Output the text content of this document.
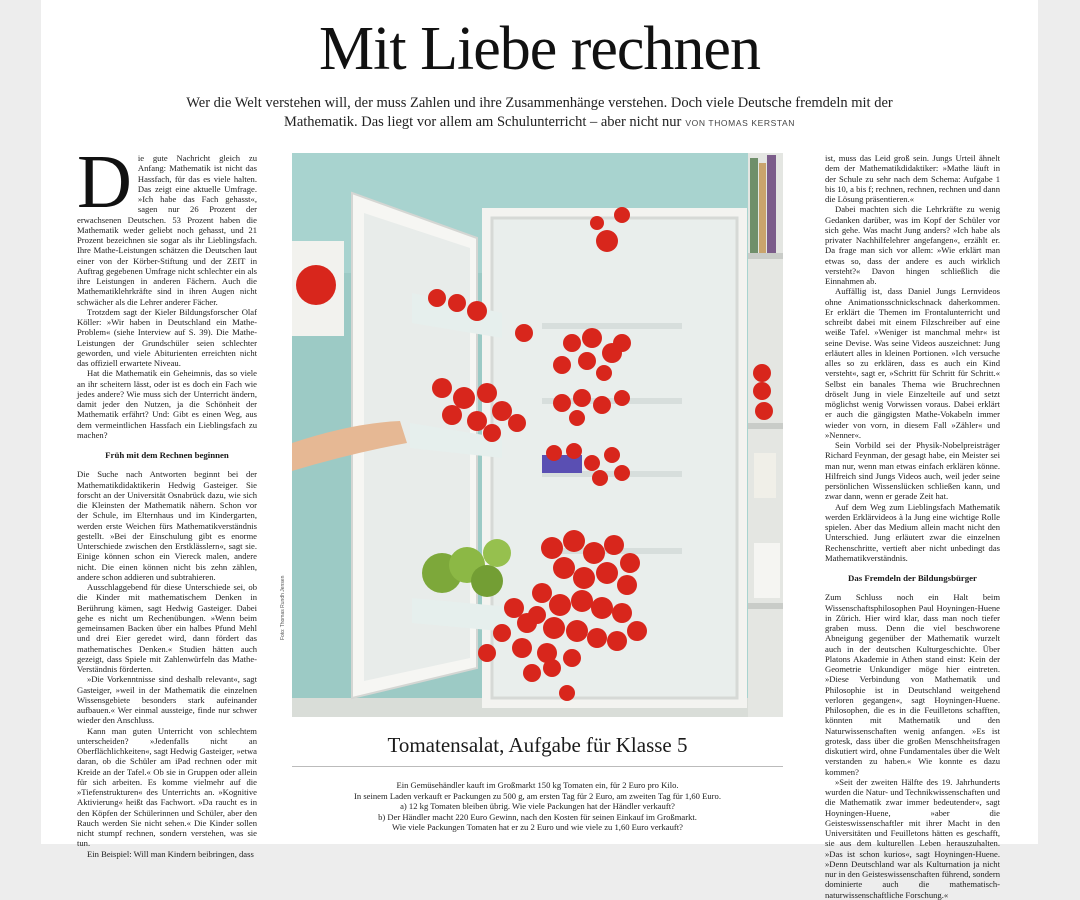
Mit Liebe rechnen
Wer die Welt verstehen will, der muss Zahlen und ihre Zusammenhänge verstehen. Doch viele Deutsche fremdeln mit der Mathematik. Das liegt vor allem am Schulunterricht – aber nicht nur VON THOMAS KERSTAN
D ie gute Nachricht gleich zu Anfang: Mathematik ist nicht das Hassfach, für das es viele halten. Das zeigt eine aktuelle Umfrage. »Ich habe das Fach gehasst«, sagen nur 26 Prozent der erwachsenen Deutschen. 53 Prozent haben die Mathematik weder geliebt noch gehasst, und 21 Prozent bezeichnen sie sogar als ihr Lieblingsfach. Ihre Mathe-Leistungen schätzen die Deutschen laut einer von der Körber-Stiftung und der ZEIT in Auftrag gegebenen Umfrage nicht schlechter ein als ihre Leistungen in anderen Fächern. Auch die Mathematiklehrkräfte sind in ihren Augen nicht schwächer als die Lehrer anderer Fächer.

Trotzdem sagt der Kieler Bildungsforscher Olaf Köller: »Wir haben in Deutschland ein Mathe-Problem« (siehe Interview auf S. 39). Die Mathe-Leistungen der Grundschüler seien schlechter geworden, und viele Abiturienten erreichten nicht das offiziell erwartete Niveau.

Hat die Mathematik ein Geheimnis, das so viele an ihr scheitern lässt, oder ist es doch ein Fach wie jedes andere? Wie muss sich der Unterricht ändern, damit jeder den Nutzen, ja die Schönheit der Mathematik erfährt? Und: Gibt es einen Weg, aus dem vermeintlichen Hassfach ein Lieblingsfach zu machen?

Früh mit dem Rechnen beginnen

Die Suche nach Antworten beginnt bei der Mathematikdidaktikerin Hedwig Gasteiger. Sie forscht an der Universität Osnabrück dazu, wie sich die Kleinsten der Mathematik nähern. Schon vor der Schule, im Elternhaus und im Kindergarten, werden erste Weichen fürs Mathematikverständnis gestellt. »Bei der Einschulung gibt es enorme Unterschiede zwischen den Erstklässlern«, sagt sie. Einige können schon ein Viereck malen, andere nicht. Die einen können nicht bis zehn zählen, andere schon addieren und subtrahieren.

Ausschlaggebend für diese Unterschiede sei, ob die Kinder mit mathematischem Denken in Berührung kämen, sagt Hedwig Gasteiger. Dabei gehe es nicht um Rechenübungen. »Wenn beim gemeinsamen Backen über ein halbes Pfund Mehl und drei Eier geredet wird, dann fördert das mathematisches Denken.« Studien hätten auch gezeigt, dass Spiele mit Zahlenwürfeln das Mathe-Verständnis förderten.

»Die Vorkenntnisse sind deshalb relevant«, sagt Gasteiger, »weil in der Mathematik die einzelnen Wissensgebiete besonders stark aufeinander aufbauen.« Wer einmal aussteige, finde nur schwer wieder den Anschluss.

Kann man guten Unterricht von schlechtem unterscheiden? »Jedenfalls nicht an Oberflächlichkeiten«, sagt Hedwig Gasteiger, »etwa daran, ob die Schüler am iPad rechnen oder mit Kreide an der Tafel.« Ob sie in Gruppen oder allein für sich arbeiten. Es komme vielmehr auf die »Tiefenstrukturen« des Unterrichts an. »Kognitive Aktivierung« heißt das Fachwort. »Da raucht es in den Köpfen der Schülerinnen und Schüler, aber den Rauch werden Sie nicht sehen.« Die Kinder sollen nicht stumpf rechnen, sondern verstehen, was sie tun.

Ein Beispiel: Will man Kindern beibringen, dass

Foto: Thomas Rundh Jensen

ist, muss das Leid groß sein. Jungs Urteil ähnelt dem der Mathematikdidaktiker: »Mathe läuft in der Schule zu sehr nach dem Schema: Aufgabe 1 bis 10, a bis f; rechnen, rechnen, rechnen und dann die Lösung präsentieren.«

Dabei machten sich die Lehrkräfte zu wenig Gedanken darüber, was im Kopf der Schüler vor sich gehe. Was macht Jung anders? »Ich habe als privater Nachhilfelehrer angefangen«, erzählt er. Da frage man sich vor allem: »Wie erklärt man etwas so, dass der andere es auch wirklich versteht?« Davon hingen schließlich die Einnahmen ab.

Auffällig ist, dass Daniel Jungs Lernvideos ohne Animationsschnickschnack daherkommen. Er erklärt die Themen im Frontalunterricht und schreibt dabei mit einem Filzschreiber auf eine weiße Tafel. »Weniger ist manchmal mehr« ist seine Devise. Was seine Videos auszeichnet: Jung erläutert alles in kleinen Portionen. »Ich versuche alles so zu erklären, dass es auch ein Kind versteht«, sagt er, »Schritt für Schritt für Schritt.« Selbst ein banales Thema wie Bruchrechnen dröselt Jung in viele Einzelteile auf und setzt möglichst wenig Vorwissen voraus. Dabei erklärt er auch die gängigsten Mathe-Vokabeln immer wieder von vorn, in diesem Fall »Zähler« und »Nenner«.

Sein Vorbild sei der Physik-Nobelpreisträger Richard Feynman, der gesagt habe, ein Meister sei man nur, wenn man etwas einfach erklären könne. Hilfreich sind Jungs Videos auch, weil jeder seine persönlichen Wissenslücken schließen kann, und zwar dann, wenn er gerade Zeit hat.

Auf dem Weg zum Lieblingsfach Mathematik werden Erklärvideos à la Jung eine wichtige Rolle spielen. Aber das Medium allein macht nicht den Unterschied. Jung erläutert zwar die einzelnen Rechenschritte, vertieft aber nicht unbedingt das Mathematikverständnis.

Das Fremdeln der Bildungsbürger

Zum Schluss noch ein Halt beim Wissenschaftsphilosophen Paul Hoyningen-Huene in Zürich. Hier wird klar, dass man noch tiefer graben muss. Denn die viel beschworene Abneigung gegenüber der Mathematik wurzelt auch in der deutschen Kulturgeschichte. Über Platons Akademie in Athen stand einst: Kein der Geometrie Unkundiger möge hier eintreten. »Diese Verbindung von Mathematik und Philosophie ist in Deutschland weitgehend verloren gegangen«, sagt Hoyningen-Huene. Philosophen, die es in die Feuilletons schafften, könnten mit Mathematik und den Naturwissenschaften wenig anfangen. »Es ist grotesk, dass über die großen Menschheitsfragen diskutiert wird, ohne Fundamentales über die Welt verstanden zu haben.« Wie konnte es dazu kommen?

»Seit der zweiten Hälfte des 19. Jahrhunderts wurden die Natur- und Technikwissenschaften und die Mathematik zwar immer bedeutender«, sagt Hoyningen-Huene, »aber die Geisteswissenschaftler mit ihrer Macht in den Universitäten und Feuilletons hätten es geschafft, sie aus dem kulturellen Leben herauszuhalten. »Das ist schon kurios«, sagt Hoyningen-Huene. »Denn Deutschland war als Kulturnation ja nicht nur in den Geisteswissenschaften führend, sondern dominierte auch die mathematisch-naturwissenschaftliche Forschung.«

Tomatensalat, Aufgabe für Klasse 5
Ein Gemüsehändler kauft im Großmarkt 150 kg Tomaten ein, für 2 Euro pro Kilo.
In seinem Laden verkauft er Packungen zu 500 g, am ersten Tag für 2 Euro, am zweiten Tag für 1,60 Euro.
a) 12 kg Tomaten bleiben übrig. Wie viele Packungen hat der Händler verkauft?
b) Der Händler macht 220 Euro Gewinn, nach den Kosten für seinen Einkauf im Großmarkt.
Wie viele Packungen Tomaten hat er zu 2 Euro und wie viele zu 1,60 Euro verkauft?
